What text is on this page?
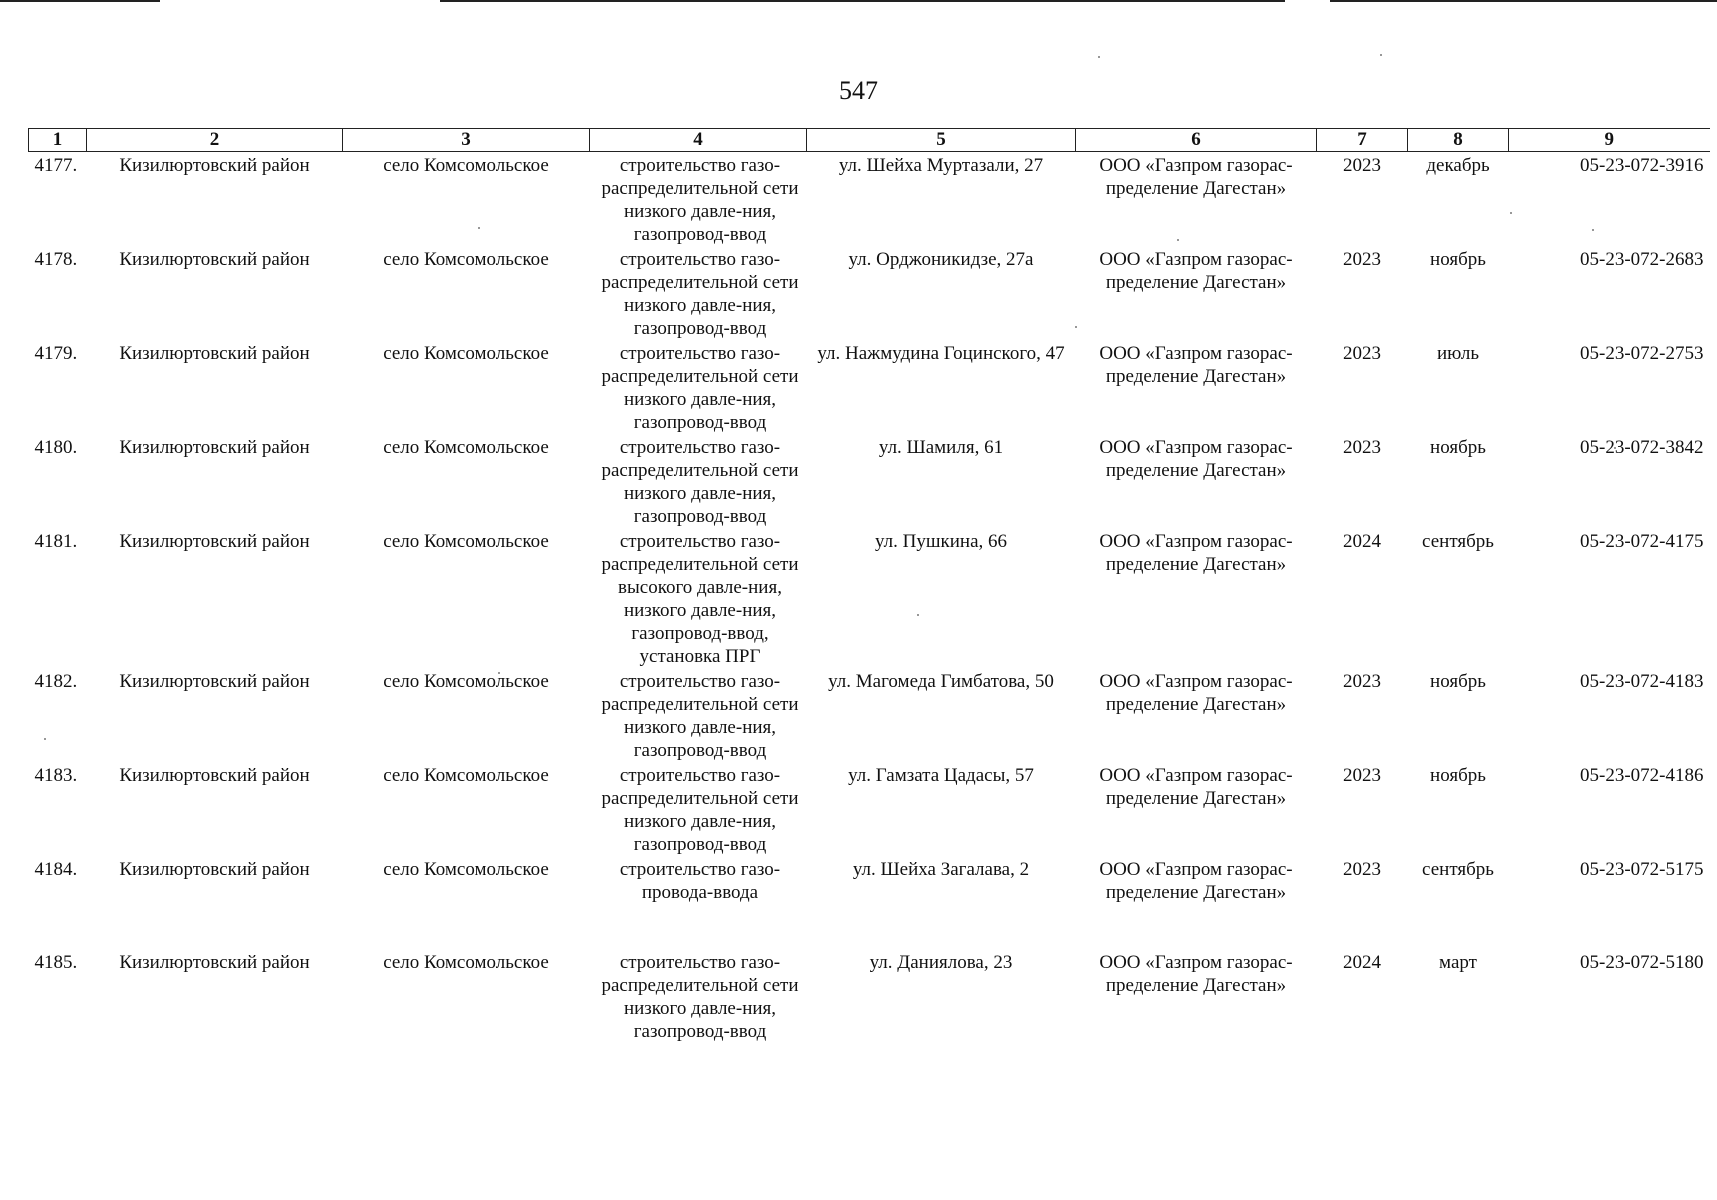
547
1	2	3	4	5	6	7	8	9
4177.	Кизилюртовский район	село Комсомольское	строительство газо-распределительной сети низкого давле-ния, газопровод-ввод	ул. Шейха Муртазали, 27	ООО «Газпром газорас-пределение Дагестан»	2023	декабрь	05-23-072-3916
4178.	Кизилюртовский район	село Комсомольское	строительство газо-распределительной сети низкого давле-ния, газопровод-ввод	ул. Орджоникидзе, 27а	ООО «Газпром газорас-пределение Дагестан»	2023	ноябрь	05-23-072-2683
4179.	Кизилюртовский район	село Комсомольское	строительство газо-распределительной сети низкого давле-ния, газопровод-ввод	ул. Нажмудина Гоцинского, 47	ООО «Газпром газорас-пределение Дагестан»	2023	июль	05-23-072-2753
4180.	Кизилюртовский район	село Комсомольское	строительство газо-распределительной сети низкого давле-ния, газопровод-ввод	ул. Шамиля, 61	ООО «Газпром газорас-пределение Дагестан»	2023	ноябрь	05-23-072-3842
4181.	Кизилюртовский район	село Комсомольское	строительство газо-распределительной сети высокого давле-ния, низкого давле-ния, газопровод-ввод, установка ПРГ	ул. Пушкина, 66	ООО «Газпром газорас-пределение Дагестан»	2024	сентябрь	05-23-072-4175
4182.	Кизилюртовский район	село Комсомольское	строительство газо-распределительной сети низкого давле-ния, газопровод-ввод	ул. Магомеда Гимбатова, 50	ООО «Газпром газорас-пределение Дагестан»	2023	ноябрь	05-23-072-4183
4183.	Кизилюртовский район	село Комсомольское	строительство газо-распределительной сети низкого давле-ния, газопровод-ввод	ул. Гамзата Цадасы, 57	ООО «Газпром газорас-пределение Дагестан»	2023	ноябрь	05-23-072-4186
4184.	Кизилюртовский район	село Комсомольское	строительство газо-провода-ввода	ул. Шейха Загалава, 2	ООО «Газпром газорас-пределение Дагестан»	2023	сентябрь	05-23-072-5175
4185.	Кизилюртовский район	село Комсомольское	строительство газо-распределительной сети низкого давле-ния, газопровод-ввод	ул. Даниялова, 23	ООО «Газпром газорас-пределение Дагестан»	2024	март	05-23-072-5180
